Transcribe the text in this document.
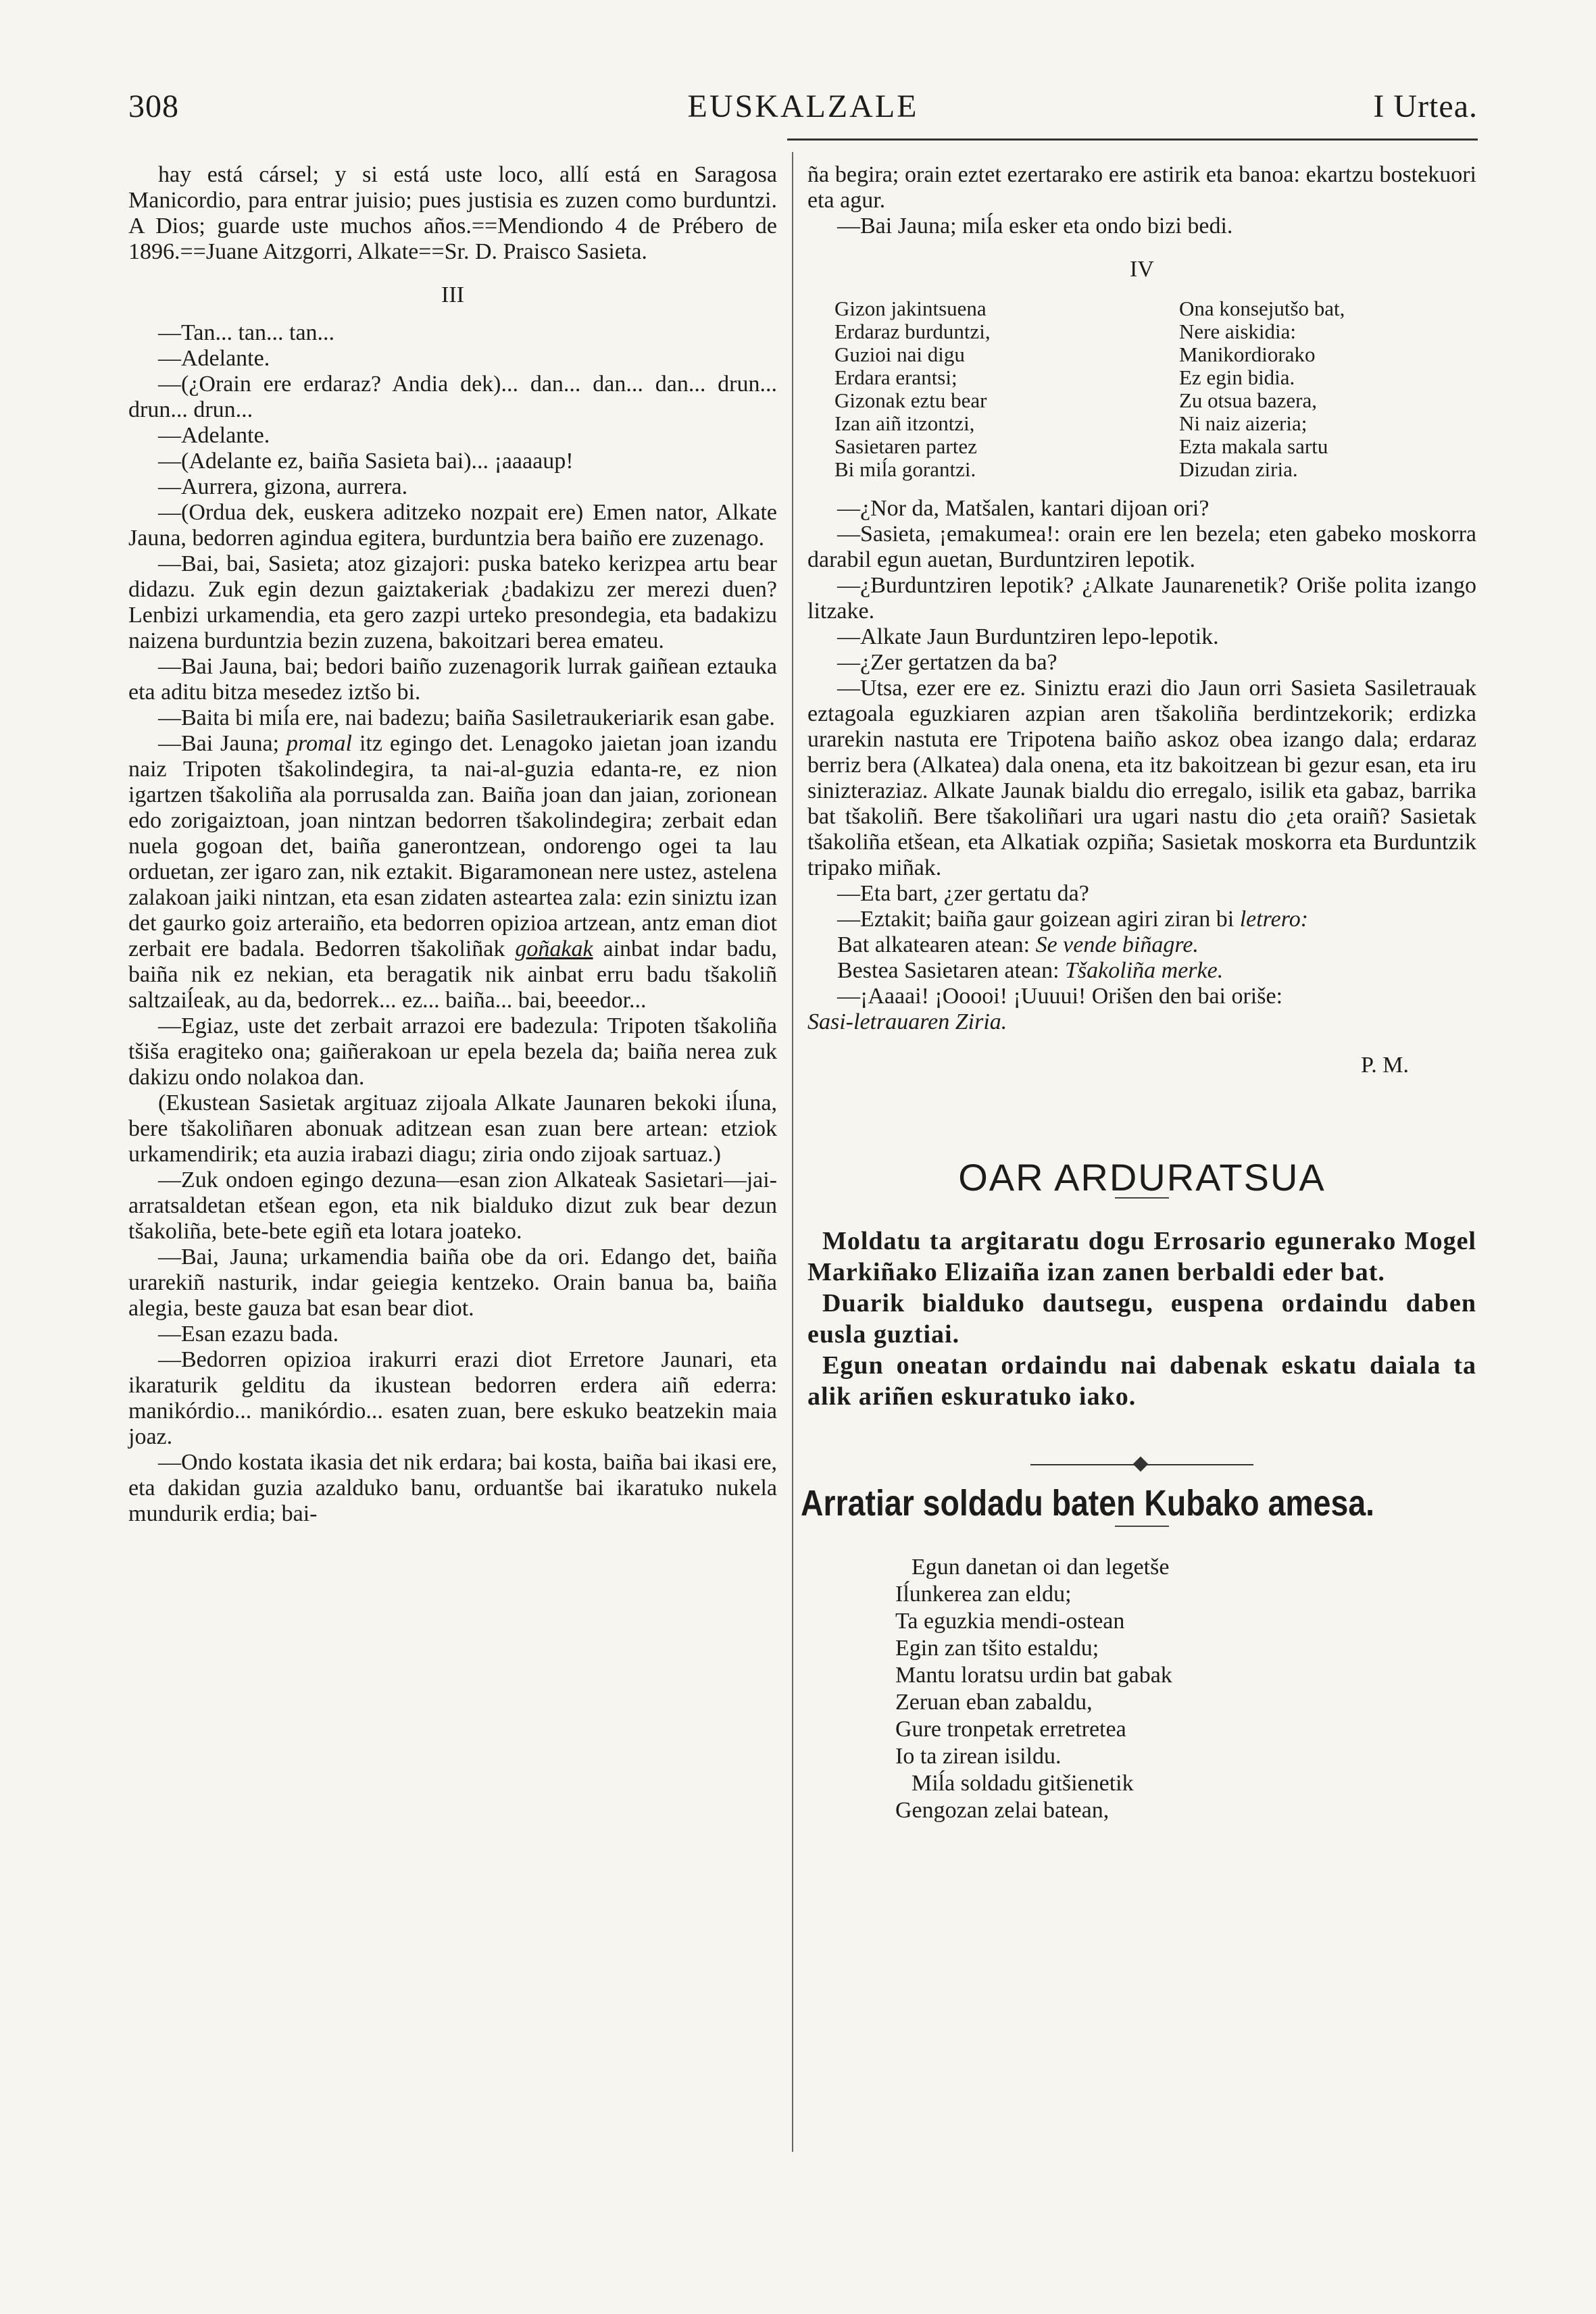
308	EUSKALZALE	I Urtea.

hay está cársel; y si está uste loco, allí está en Saragosa Manicordio, para entrar juisio; pues justisia es zuzen como burduntzi. A Dios; guarde uste muchos años.==Mendiondo 4 de Prébero de 1896.==Juane Aitzgorri, Alkate==Sr. D. Praisco Sasieta.

III

—Tan... tan... tan...

—Adelante.

—(¿Orain ere erdaraz? Andia dek)... dan... dan... dan... drun... drun... drun...

—Adelante.

—(Adelante ez, baiña Sasieta bai)... ¡aaaaup!

—Aurrera, gizona, aurrera.

—(Ordua dek, euskera aditzeko nozpait ere) Emen nator, Alkate Jauna, bedorren agindua egitera, burduntzia bera baiño ere zuzenago.

—Bai, bai, Sasieta; atoz gizajori: puska bateko kerizpea artu bear didazu. Zuk egin dezun gaiztakeriak ¿badakizu zer merezi duen? Lenbizi urkamendia, eta gero zazpi urteko presondegia, eta badakizu naizena burduntzia bezin zuzena, bakoitzari berea emateu.

—Bai Jauna, bai; bedori baiño zuzenagorik lurrak gaiñean eztauka eta aditu bitza mesedez iztšo bi.

—Baita bi miĺa ere, nai badezu; baiña Sasiletraukeriarik esan gabe.

—Bai Jauna; promal itz egingo det. Lenagoko jaietan joan izandu naiz Tripoten tšakolindegira, ta nai-al-guzia edanta-re, ez nion igartzen tšakoliña ala porrusalda zan. Baiña joan dan jaian, zorionean edo zorigaiztoan, joan nintzan bedorren tšakolindegira; zerbait edan nuela gogoan det, baiña ganerontzean, ondorengo ogei ta lau orduetan, zer igaro zan, nik eztakit. Bigaramonean nere ustez, astelena zalakoan jaiki nintzan, eta esan zidaten asteartea zala: ezin siniztu izan det gaurko goiz arteraiño, eta bedorren opizioa artzean, antz eman diot zerbait ere badala. Bedorren tšakoliñak goñakak ainbat indar badu, baiña nik ez nekian, eta beragatik nik ainbat erru badu tšakoliñ saltzaiĺeak, au da, bedorrek... ez... baiña... bai, beeedor...

—Egiaz, uste det zerbait arrazoi ere badezula: Tripoten tšakoliña tšiša eragiteko ona; gaiñerakoan ur epela bezela da; baiña nerea zuk dakizu ondo nolakoa dan.

(Ekustean Sasietak argituaz zijoala Alkate Jaunaren bekoki iĺuna, bere tšakoliñaren abonuak aditzean esan zuan bere artean: etziok urkamendirik; eta auzia irabazi diagu; ziria ondo zijoak sartuaz.)

—Zuk ondoen egingo dezuna—esan zion Alkateak Sasietari—jai-arratsaldetan etšean egon, eta nik bialduko dizut zuk bear dezun tšakoliña, bete-bete egiñ eta lotara joateko.

—Bai, Jauna; urkamendia baiña obe da ori. Edango det, baiña urarekiñ nasturik, indar geiegia kentzeko. Orain banua ba, baiña alegia, beste gauza bat esan bear diot.

—Esan ezazu bada.

—Bedorren opizioa irakurri erazi diot Erretore Jaunari, eta ikaraturik gelditu da ikustean bedorren erdera aiñ ederra: manikórdio... manikórdio... esaten zuan, bere eskuko beatzekin maia joaz.

—Ondo kostata ikasia det nik erdara; bai kosta, baiña bai ikasi ere, eta dakidan guzia azalduko banu, orduantše bai ikaratuko nukela mundurik erdia; bai-

ña begira; orain eztet ezertarako ere astirik eta banoa: ekartzu bostekuori eta agur.

—Bai Jauna; miĺa esker eta ondo bizi bedi.

IV
Gizon jakintsuena
Erdaraz burduntzi,
Guzioi nai digu
Erdara erantsi;
Gizonak eztu bear
Izan aiñ itzontzi,
Sasietaren partez
Bi miĺa gorantzi.
Ona konsejutšo bat,
Nere aiskidia:
Manikordiorako
Ez egin bidia.
Zu otsua bazera,
Ni naiz aizeria;
Ezta makala sartu
Dizudan ziria.

—¿Nor da, Matšalen, kantari dijoan ori?

—Sasieta, ¡emakumea!: orain ere len bezela; eten gabeko moskorra darabil egun auetan, Burduntziren lepotik.

—¿Burduntziren lepotik? ¿Alkate Jaunarenetik? Oriše polita izango litzake.

—Alkate Jaun Burduntziren lepo-lepotik.

—¿Zer gertatzen da ba?

—Utsa, ezer ere ez. Siniztu erazi dio Jaun orri Sasieta Sasiletrauak eztagoala eguzkiaren azpian aren tšakoliña berdintzekorik; erdizka urarekin nastuta ere Tripotena baiño askoz obea izango dala; erdaraz berriz bera (Alkatea) dala onena, eta itz bakoitzean bi gezur esan, eta iru sinizteraziaz. Alkate Jaunak bialdu dio erregalo, isilik eta gabaz, barrika bat tšakoliñ. Bere tšakoliñari ura ugari nastu dio ¿eta oraiñ? Sasietak tšakoliña etšean, eta Alkatiak ozpiña; Sasietak moskorra eta Burduntzik tripako miñak.

—Eta bart, ¿zer gertatu da?

—Eztakit; baiña gaur goizean agiri ziran bi letrero:

Bat alkatearen atean: Se vende biñagre.

Bestea Sasietaren atean: Tšakoliña merke.

—¡Aaaai! ¡Ooooi! ¡Uuuui! Orišen den bai oriše:

Sasi-letrauaren Ziria.

P. M.
OAR ARDURATSUA

Moldatu ta argitaratu dogu Errosario egunerako Mogel Markiñako Elizaiña izan zanen berbaldi eder bat.

Duarik bialduko dautsegu, euspena ordaindu daben eusla guztiai.

Egun oneatan ordaindu nai dabenak eskatu daiala ta alik ariñen eskuratuko iako.

Arratiar soldadu baten Kubako amesa.
Egun danetan oi dan legetše
Iĺunkerea zan eldu;
Ta eguzkia mendi-ostean
Egin zan tšito estaldu;
Mantu loratsu urdin bat gabak
Zeruan eban zabaldu,
Gure tronpetak erretretea
Io ta zirean isildu.
Miĺa soldadu gitšienetik
Gengozan zelai batean,
